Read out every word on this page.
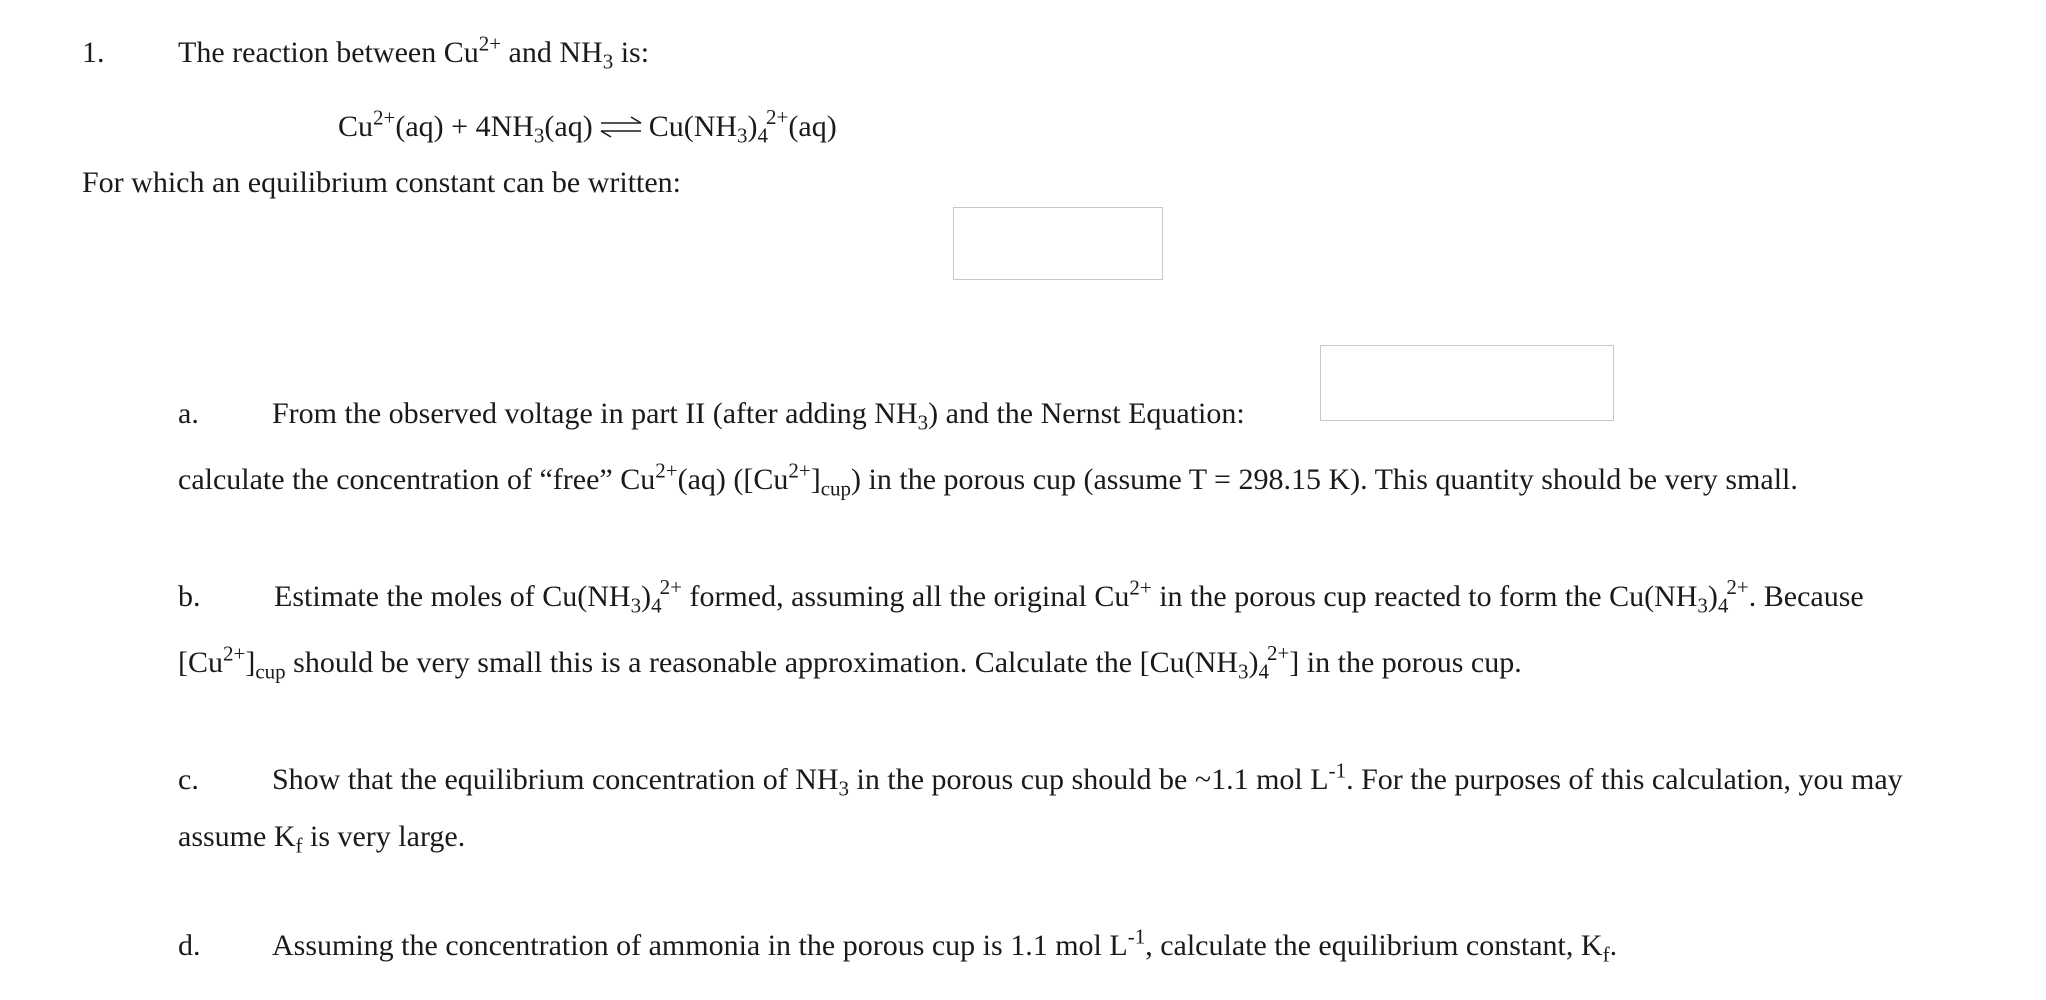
1. The reaction between $Cu^{2+}$ and $NH_3$ is:
$Cu^{2+}(aq) + 4NH_3(aq)$ ⇌ $Cu(NH_3)_4^{2+}(aq)$
For which an equilibrium constant can be written:
a. From the observed voltage in part II (after adding $NH_3$) and the Nernst Equation:
calculate the concentration of “free” $Cu^{2+}(aq)$ $([Cu^{2+}]_{cup})$ in the porous cup (assume T = 298.15 K). This quantity should be very small.
b. Estimate the moles of $Cu(NH_3)_4^{2+}$ formed, assuming all the original $Cu^{2+}$ in the porous cup reacted to form the $Cu(NH_3)_4^{2+}$. Because
$[Cu^{2+}]_{cup}$ should be very small this is a reasonable approximation. Calculate the $[Cu(NH_3)_4^{2+}]$ in the porous cup.
c. Show that the equilibrium concentration of $NH_3$ in the porous cup should be ~1.1 mol $L^{-1}$. For the purposes of this calculation, you may
assume $K_f$ is very large.
d. Assuming the concentration of ammonia in the porous cup is 1.1 mol $L^{-1}$, calculate the equilibrium constant, $K_f$.
